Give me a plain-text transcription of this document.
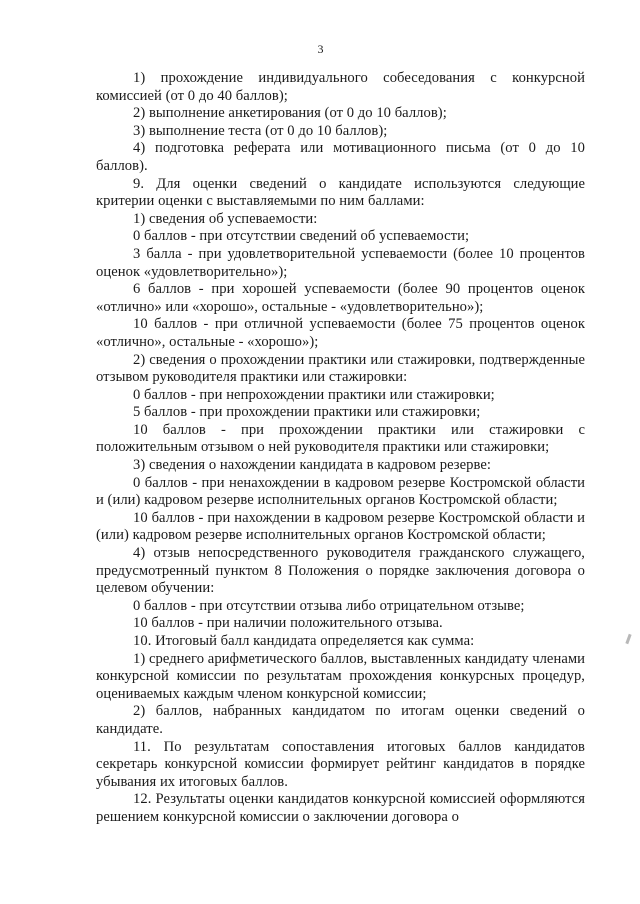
3

1) прохождение индивидуального собеседования с конкурсной комиссией (от 0 до 40 баллов);

2) выполнение анкетирования (от 0 до 10 баллов);

3) выполнение теста (от 0 до 10 баллов);

4) подготовка реферата или мотивационного письма (от 0 до 10 баллов).

9. Для оценки сведений о кандидате используются следующие критерии оценки с выставляемыми по ним баллами:

1) сведения об успеваемости:

0 баллов - при отсутствии сведений об успеваемости;

3 балла - при удовлетворительной успеваемости (более 10 процентов оценок «удовлетворительно»);

6 баллов - при хорошей успеваемости (более 90 процентов оценок «отлично» или «хорошо», остальные - «удовлетворительно»);

10 баллов - при отличной успеваемости (более 75 процентов оценок «отлично», остальные - «хорошо»);

2) сведения о прохождении практики или стажировки, подтвержденные отзывом руководителя практики или стажировки:

0 баллов - при непрохождении практики или стажировки;

5 баллов - при прохождении практики или стажировки;

10 баллов - при прохождении практики или стажировки с положительным отзывом о ней руководителя практики или стажировки;

3) сведения о нахождении кандидата в кадровом резерве:

0 баллов - при ненахождении в кадровом резерве Костромской области и (или) кадровом резерве исполнительных органов Костромской области;

10 баллов - при нахождении в кадровом резерве Костромской области и (или) кадровом резерве исполнительных органов Костромской области;

4) отзыв непосредственного руководителя гражданского служащего, предусмотренный пунктом 8 Положения о порядке заключения договора о целевом обучении:

0 баллов - при отсутствии отзыва либо отрицательном отзыве;

10 баллов - при наличии положительного отзыва.

10. Итоговый балл кандидата определяется как сумма:

1) среднего арифметического баллов, выставленных кандидату членами конкурсной комиссии по результатам прохождения конкурсных процедур, оцениваемых каждым членом конкурсной комиссии;

2) баллов, набранных кандидатом по итогам оценки сведений о кандидате.

11. По результатам сопоставления итоговых баллов кандидатов секретарь конкурсной комиссии формирует рейтинг кандидатов в порядке убывания их итоговых баллов.

12. Результаты оценки кандидатов конкурсной комиссией оформляются решением конкурсной комиссии о заключении договора о
